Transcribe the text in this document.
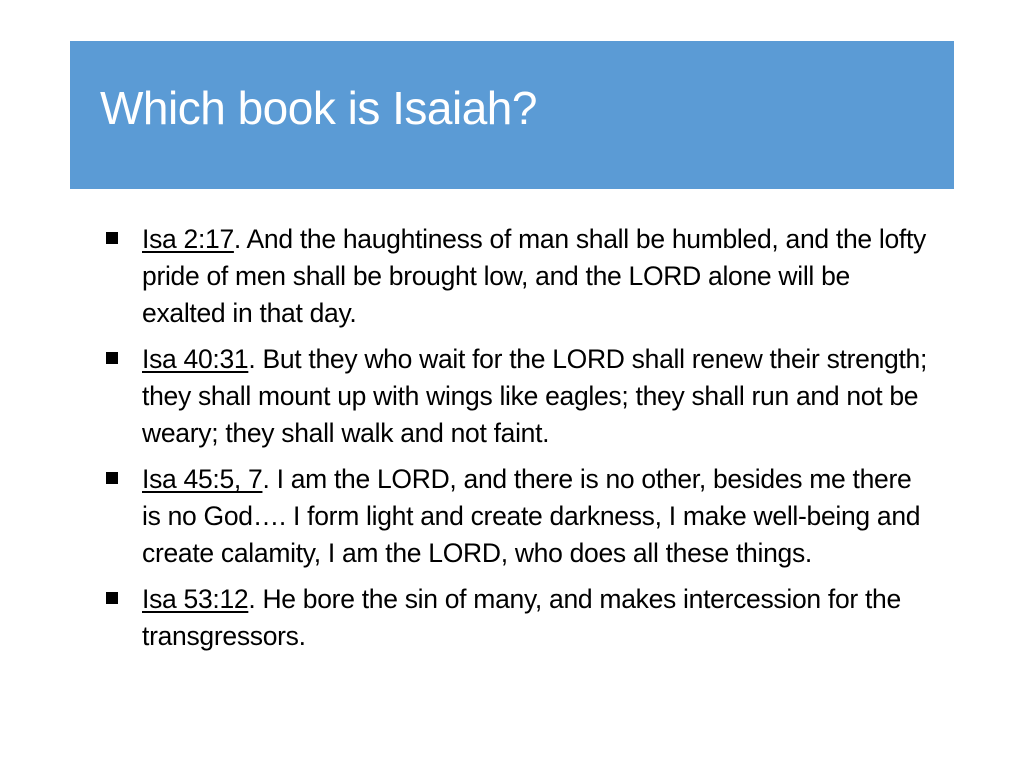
Which book is Isaiah?
Isa 2:17. And the haughtiness of man shall be humbled, and the lofty pride of men shall be brought low, and the LORD alone will be exalted in that day.
Isa 40:31. But they who wait for the LORD shall renew their strength; they shall mount up with wings like eagles; they shall run and not be weary; they shall walk and not faint.
Isa 45:5, 7. I am the LORD, and there is no other, besides me there is no God…. I form light and create darkness, I make well-being and create calamity, I am the LORD, who does all these things.
Isa 53:12. He bore the sin of many, and makes intercession for the transgressors.
